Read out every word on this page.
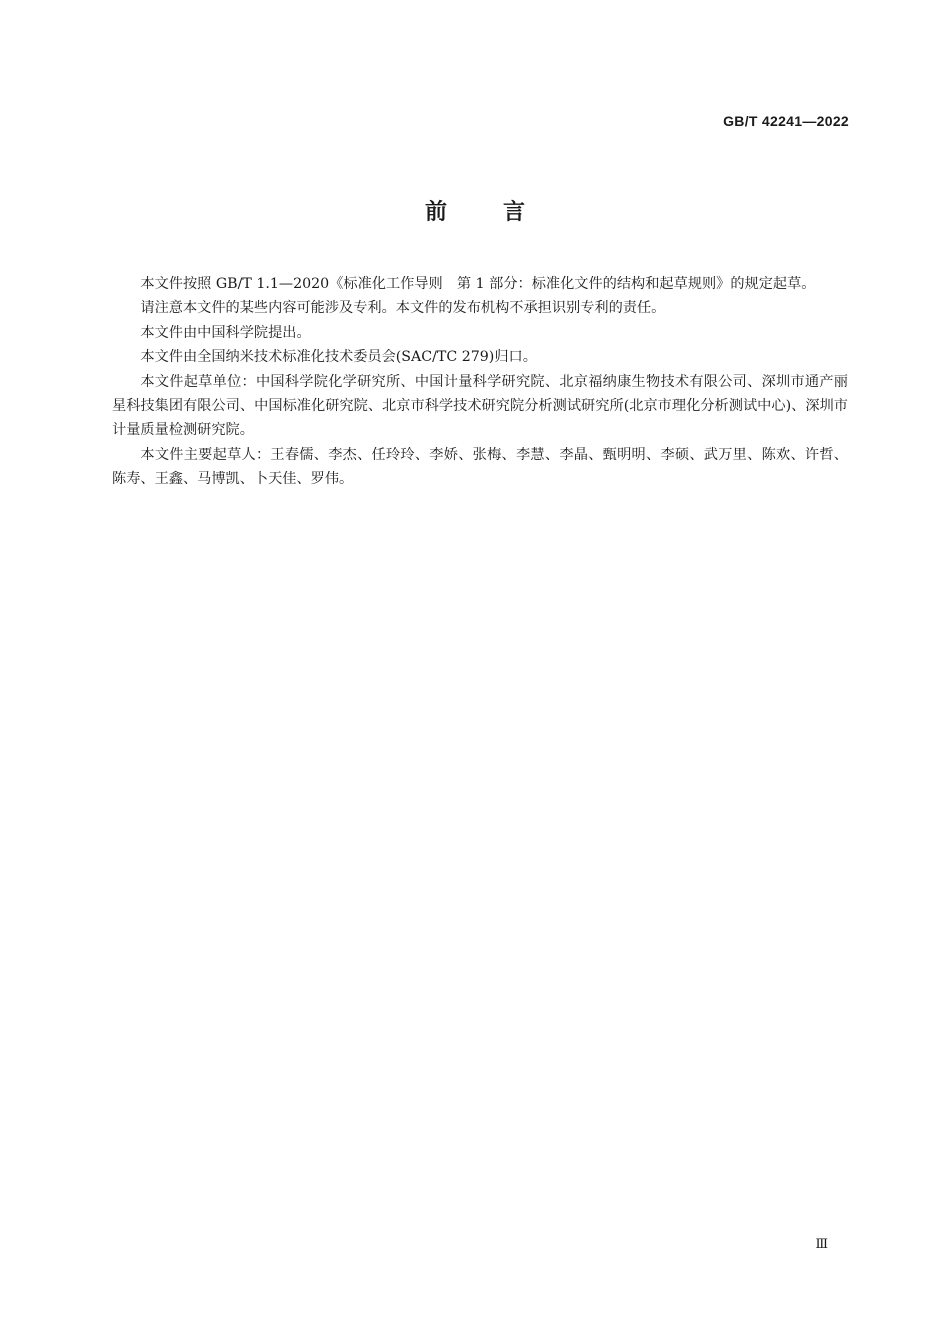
GB/T 42241—2022
前言

本文件按照 GB/T 1.1—2020《标准化工作导则　第 1 部分：标准化文件的结构和起草规则》的规定起草。

请注意本文件的某些内容可能涉及专利。本文件的发布机构不承担识别专利的责任。

本文件由中国科学院提出。

本文件由全国纳米技术标准化技术委员会(SAC/TC 279)归口。

本文件起草单位：中国科学院化学研究所、中国计量科学研究院、北京福纳康生物技术有限公司、深圳市通产丽星科技集团有限公司、中国标准化研究院、北京市科学技术研究院分析测试研究所(北京市理化分析测试中心)、深圳市计量质量检测研究院。

本文件主要起草人：王春儒、李杰、任玲玲、李娇、张梅、李慧、李晶、甄明明、李硕、武万里、陈欢、许哲、陈寿、王鑫、马博凯、卜天佳、罗伟。

Ⅲ
